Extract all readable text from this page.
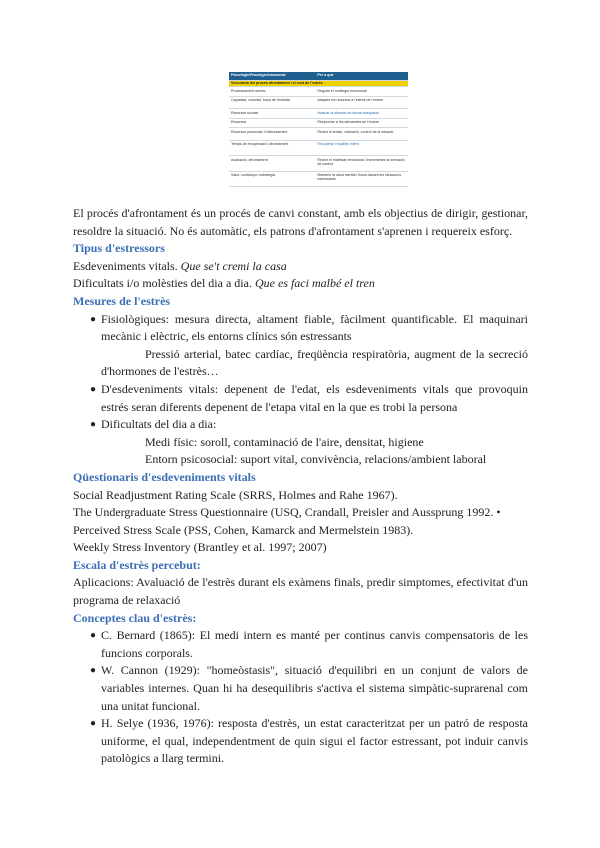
Psicològic/Fisiològic/emocional	Per a què
Vinculació del procés afrontament i el cost de l'estrès	
Processament anímic	Regular el contingut emocional
Capacitat, voluntat, força de l'individu	Adaptar els recursos a l'estrès de l'entorn
Recursos socials	Avaluar la situació de forma adequada
Recursos	Respondre a les demandes de l'entorn
Recursos personals i d'afrontament	Reduir la tensió, relaxació, control de la situació
Temps de recuperació i afrontament	Recuperar l'equilibri intern
Avaluació, afrontament	Reduir el malestar emocional i incrementar la sensació de control
Salut, confiança i estratègia	Mantenir la salut mental i física davant les situacions estressants

El procés d'afrontament és un procés de canvi constant, amb els objectius de dirigir, gestionar, resoldre la situació. No és automàtic, els patrons d'afrontament s'aprenen i requereix esforç.

Tipus d'estressors

Esdeveniments vitals. Que se't cremi la casa

Dificultats i/o molèsties del dia a dia. Que es faci malbé el tren

Mesures de l'estrès

● Fisiològiques: mesura directa, altament fiable, fàcilment quantificable. El maquinari mecànic i elèctric, els entorns clínics són estressants
Pressió arterial, batec cardíac, freqüència respiratòria, augment de la secreció d'hormones de l'estrès…
● D'esdeveniments vitals: depenent de l'edat, els esdeveniments vitals que provoquin estrés seran diferents depenent de l'etapa vital en la que es trobi la persona
● Dificultats del dia a dia:
Medi físic: soroll, contaminació de l'aire, densitat, higiene
Entorn psicosocial: suport vital, convivència, relacions/ambient laboral

Qüestionaris d'esdeveniments vitals

Social Readjustment Rating Scale (SRRS, Holmes and Rahe 1967).

The Undergraduate Stress Questionnaire (USQ, Crandall, Preisler and Aussprung 1992. •

Perceived Stress Scale (PSS, Cohen, Kamarck and Mermelstein 1983).

Weekly Stress Inventory (Brantley et al. 1997; 2007)

Escala d'estrès percebut:

Aplicacions: Avaluació de l'estrès durant els exàmens finals, predir simptomes, efectivitat d'un programa de relaxació

Conceptes clau d'estrès:

● C. Bernard (1865): El medi intern es manté per continus canvis compensatoris de les funcions corporals.
● W. Cannon (1929): "homeòstasis", situació d'equilibri en un conjunt de valors de variables internes. Quan hi ha desequilibris s'activa el sistema simpàtic-suprarenal com una unitat funcional.
● H. Selye (1936, 1976): resposta d'estrès, un estat caracteritzat per un patró de resposta uniforme, el qual, independentment de quin sigui el factor estressant, pot induir canvis patològics a llarg termini.
